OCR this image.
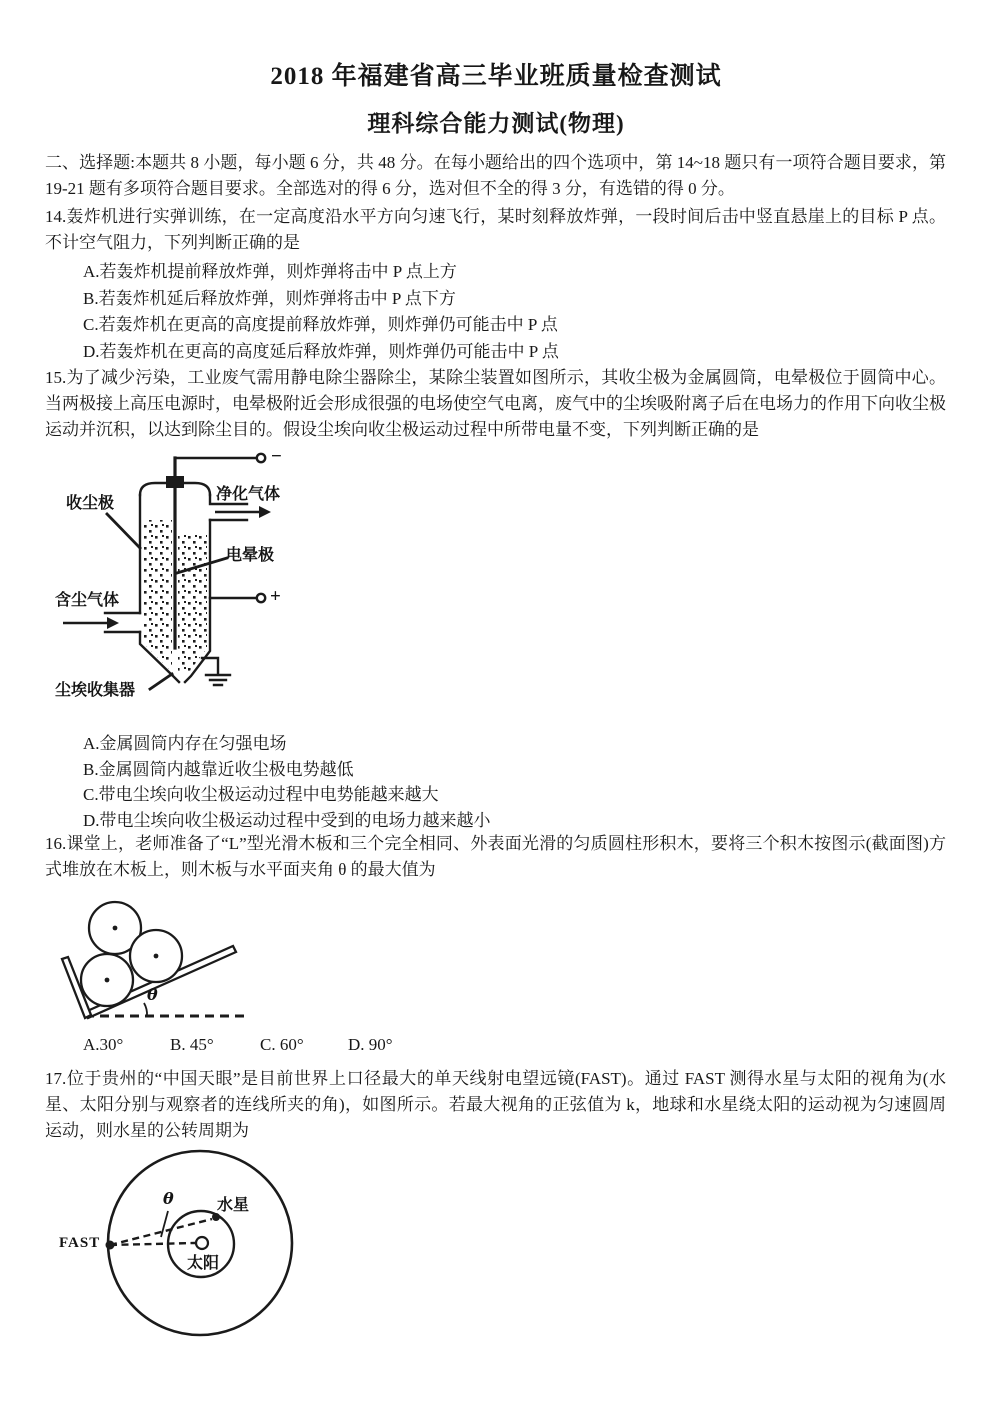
2018 年福建省高三毕业班质量检查测试
理科综合能力测试(物理)

二、选择题:本题共 8 小题，每小题 6 分，共 48 分。在每小题给出的四个选项中，第 14~18 题只有一项符合题目要求，第 19-21 题有多项符合题目要求。全部选对的得 6 分，选对但不全的得 3 分，有选错的得 0 分。

14.轰炸机进行实弹训练，在一定高度沿水平方向匀速飞行，某时刻释放炸弹，一段时间后击中竖直悬崖上的目标 P 点。不计空气阻力，下列判断正确的是

A.若轰炸机提前释放炸弹，则炸弹将击中 P 点上方

B.若轰炸机延后释放炸弹，则炸弹将击中 P 点下方

C.若轰炸机在更高的高度提前释放炸弹，则炸弹仍可能击中 P 点

D.若轰炸机在更高的高度延后释放炸弹，则炸弹仍可能击中 P 点

15.为了减少污染，工业废气需用静电除尘器除尘，某除尘装置如图所示，其收尘极为金属圆筒，电晕极位于圆筒中心。当两极接上高压电源时，电晕极附近会形成很强的电场使空气电离，废气中的尘埃吸附离子后在电场力的作用下向收尘极运动并沉积，以达到除尘目的。假设尘埃向收尘极运动过程中所带电量不变，下列判断正确的是

收尘极
净化气体
电晕极
含尘气体
尘埃收集器
−
+

A.金属圆筒内存在匀强电场

B.金属圆筒内越靠近收尘极电势越低

C.带电尘埃向收尘极运动过程中电势能越来越大

D.带电尘埃向收尘极运动过程中受到的电场力越来越小

16.课堂上，老师准备了“L”型光滑木板和三个完全相同、外表面光滑的匀质圆柱形积木，要将三个积木按图示(截面图)方式堆放在木板上，则木板与水平面夹角 θ 的最大值为

θ
A.30°	B. 45°	C. 60°	D. 90°

17.位于贵州的“中国天眼”是目前世界上口径最大的单天线射电望远镜(FAST)。通过 FAST 测得水星与太阳的视角为(水星、太阳分别与观察者的连线所夹的角)，如图所示。若最大视角的正弦值为 k，地球和水星绕太阳的运动视为匀速圆周运动，则水星的公转周期为

FAST
水星
太阳
θ
